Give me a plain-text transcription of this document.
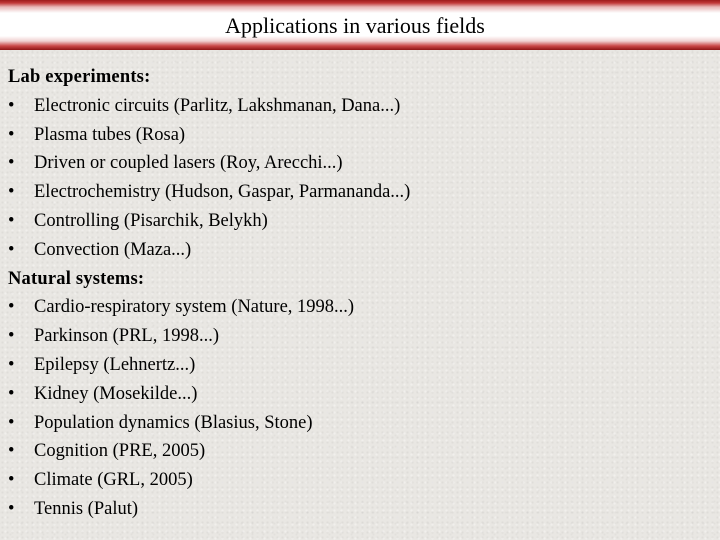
Applications in various fields
Lab experiments:
•	Electronic circuits (Parlitz, Lakshmanan, Dana...)
•	Plasma tubes (Rosa)
•	Driven or coupled lasers (Roy, Arecchi...)
•	Electrochemistry (Hudson, Gaspar, Parmananda...)
•	Controlling (Pisarchik, Belykh)
•	Convection (Maza...)
Natural systems:
•	Cardio-respiratory system (Nature, 1998...)
•	Parkinson (PRL, 1998...)
•	Epilepsy (Lehnertz...)
•	Kidney (Mosekilde...)
•	Population dynamics (Blasius, Stone)
•	Cognition (PRE, 2005)
•	Climate (GRL, 2005)
•	Tennis (Palut)
